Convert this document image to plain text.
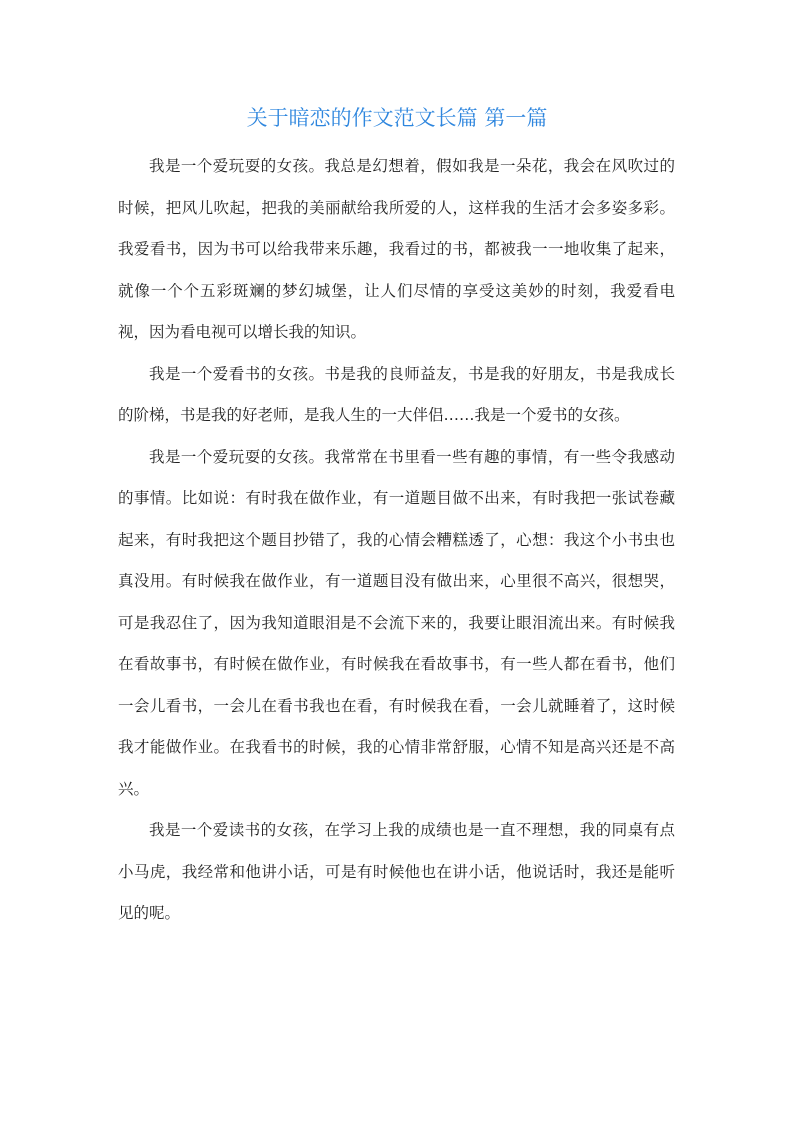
关于暗恋的作文范文长篇 第一篇

我是一个爱玩耍的女孩。我总是幻想着，假如我是一朵花，我会在风吹过的时候，把风儿吹起，把我的美丽献给我所爱的人，这样我的生活才会多姿多彩。我爱看书，因为书可以给我带来乐趣，我看过的书，都被我一一地收集了起来，就像一个个五彩斑斓的梦幻城堡，让人们尽情的享受这美妙的时刻，我爱看电视，因为看电视可以增长我的知识。

我是一个爱看书的女孩。书是我的良师益友，书是我的好朋友，书是我成长的阶梯，书是我的好老师，是我人生的一大伴侣……我是一个爱书的女孩。

我是一个爱玩耍的女孩。我常常在书里看一些有趣的事情，有一些令我感动的事情。比如说：有时我在做作业，有一道题目做不出来，有时我把一张试卷藏起来，有时我把这个题目抄错了，我的心情会糟糕透了，心想：我这个小书虫也真没用。有时候我在做作业，有一道题目没有做出来，心里很不高兴，很想哭，可是我忍住了，因为我知道眼泪是不会流下来的，我要让眼泪流出来。有时候我在看故事书，有时候在做作业，有时候我在看故事书，有一些人都在看书，他们一会儿看书，一会儿在看书我也在看，有时候我在看，一会儿就睡着了，这时候我才能做作业。在我看书的时候，我的心情非常舒服，心情不知是高兴还是不高兴。

我是一个爱读书的女孩，在学习上我的成绩也是一直不理想，我的同桌有点小马虎，我经常和他讲小话，可是有时候他也在讲小话，他说话时，我还是能听见的呢。
